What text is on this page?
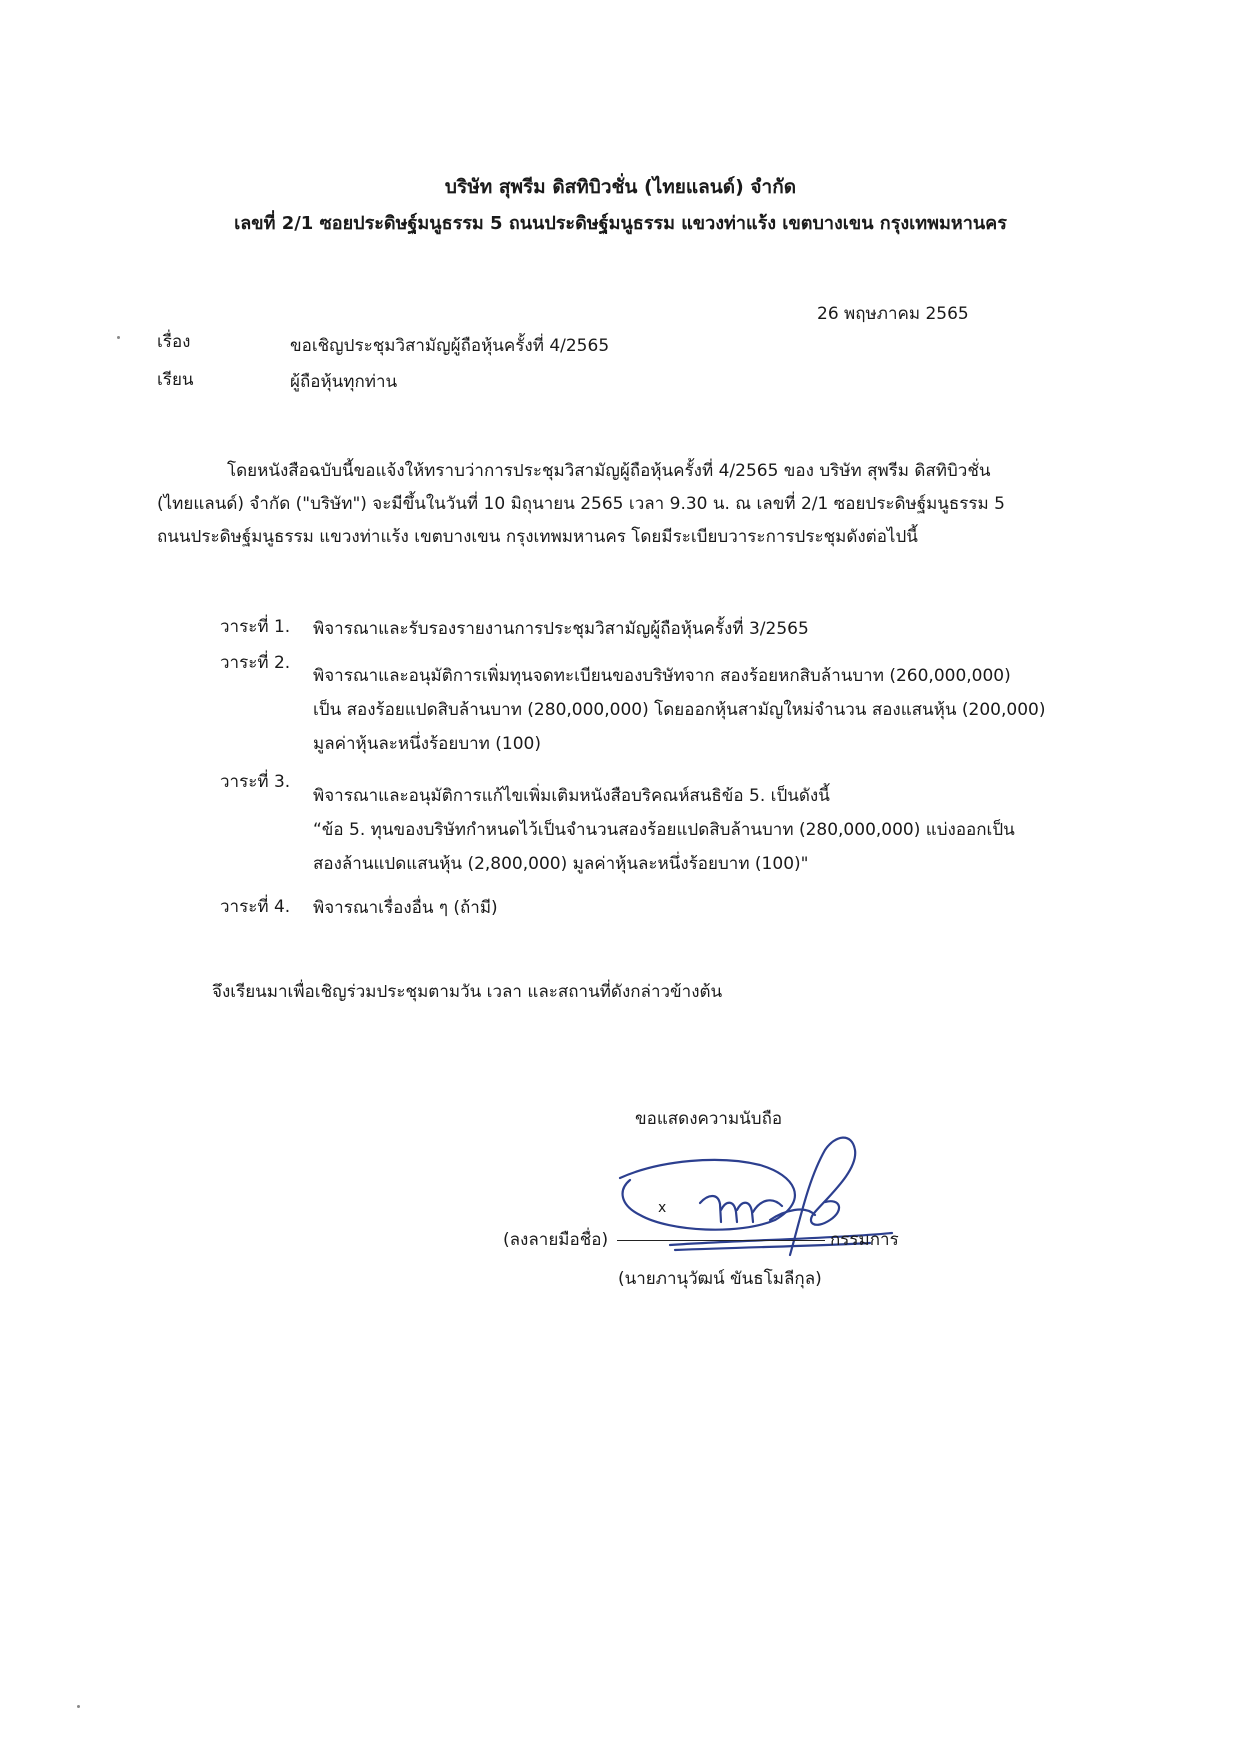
บริษัท สุพรีม ดิสทิบิวชั่น (ไทยแลนด์) จำกัด
เลขที่ 2/1 ซอยประดิษฐ์มนูธรรม 5 ถนนประดิษฐ์มนูธรรม แขวงท่าแร้ง เขตบางเขน กรุงเทพมหานคร
26 พฤษภาคม 2565
เรื่อง	ขอเชิญประชุมวิสามัญผู้ถือหุ้นครั้งที่ 4/2565
เรียน	ผู้ถือหุ้นทุกท่าน
โดยหนังสือฉบับนี้ขอแจ้งให้ทราบว่าการประชุมวิสามัญผู้ถือหุ้นครั้งที่ 4/2565 ของ บริษัท สุพรีม ดิสทิบิวชั่น
(ไทยแลนด์) จำกัด ("บริษัท") จะมีขึ้นในวันที่ 10 มิถุนายน 2565 เวลา 9.30 น. ณ เลขที่ 2/1 ซอยประดิษฐ์มนูธรรม 5
ถนนประดิษฐ์มนูธรรม แขวงท่าแร้ง เขตบางเขน กรุงเทพมหานคร โดยมีระเบียบวาระการประชุมดังต่อไปนี้
วาระที่ 1. พิจารณาและรับรองรายงานการประชุมวิสามัญผู้ถือหุ้นครั้งที่ 3/2565
วาระที่ 2.
พิจารณาและอนุมัติการเพิ่มทุนจดทะเบียนของบริษัทจาก สองร้อยหกสิบล้านบาท (260,000,000)
เป็น สองร้อยแปดสิบล้านบาท (280,000,000) โดยออกหุ้นสามัญใหม่จำนวน สองแสนหุ้น (200,000)
มูลค่าหุ้นละหนึ่งร้อยบาท (100)
วาระที่ 3.
พิจารณาและอนุมัติการแก้ไขเพิ่มเติมหนังสือบริคณห์สนธิข้อ 5. เป็นดังนี้
“ข้อ 5. ทุนของบริษัทกำหนดไว้เป็นจำนวนสองร้อยแปดสิบล้านบาท (280,000,000) แบ่งออกเป็น
สองล้านแปดแสนหุ้น (2,800,000) มูลค่าหุ้นละหนึ่งร้อยบาท (100)"
วาระที่ 4. พิจารณาเรื่องอื่น ๆ (ถ้ามี)
จึงเรียนมาเพื่อเชิญร่วมประชุมตามวัน เวลา และสถานที่ดังกล่าวข้างต้น
ขอแสดงความนับถือ
x
(ลงลายมือชื่อ)	กรรมการ
(นายภานุวัฒน์ ขันธโมลีกุล)
